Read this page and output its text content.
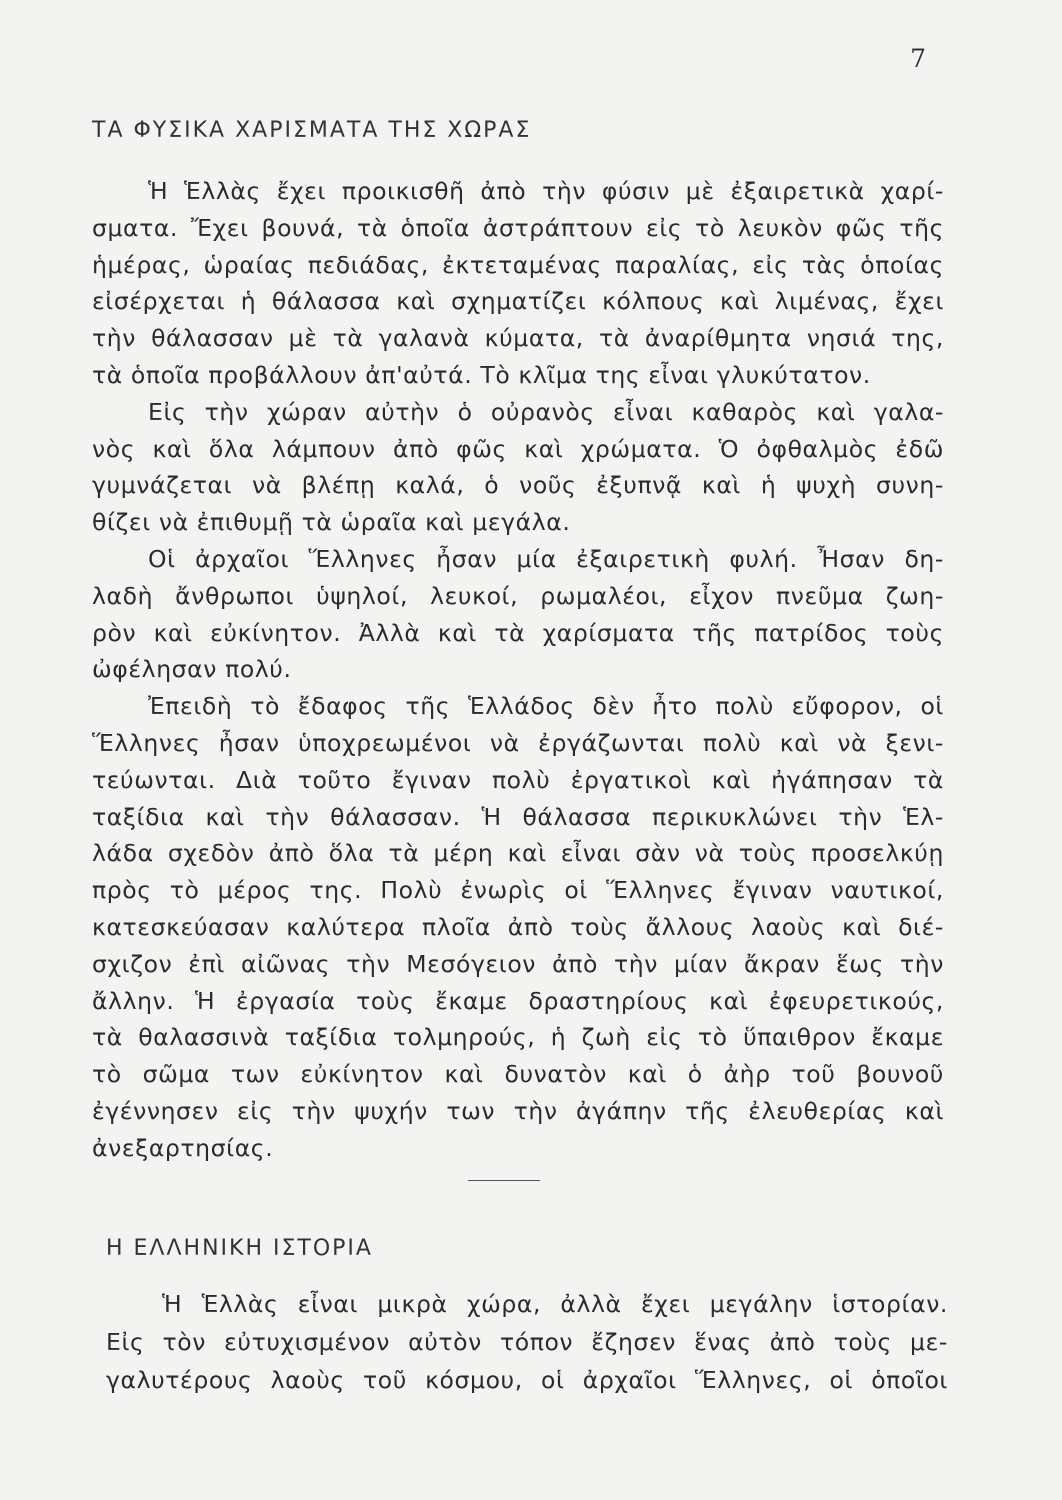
7
ΤΑ ΦΥΣΙΚΑ ΧΑΡΙΣΜΑΤΑ ΤΗΣ ΧΩΡΑΣ
Ἡ Ἑλλὰς ἔχει προικισθῆ ἀπὸ τὴν φύσιν μὲ ἐξαιρετικὰ χαρί-
σματα. Ἔχει βουνά, τὰ ὁποῖα ἀστράπτουν εἰς τὸ λευκὸν φῶς τῆς
ἡμέρας, ὡραίας πεδιάδας, ἐκτεταμένας παραλίας, εἰς τὰς ὁποίας
εἰσέρχεται ἡ θάλασσα καὶ σχηματίζει κόλπους καὶ λιμένας, ἔχει
τὴν θάλασσαν μὲ τὰ γαλανὰ κύματα, τὰ ἀναρίθμητα νησιά της,
τὰ ὁποῖα προβάλλουν ἀπ'αὐτά. Τὸ κλῖμα της εἶναι γλυκύτατον.
Εἰς τὴν χώραν αὐτὴν ὁ οὐρανὸς εἶναι καθαρὸς καὶ γαλα-
νὸς καὶ ὅλα λάμπουν ἀπὸ φῶς καὶ χρώματα. Ὁ ὀφθαλμὸς ἐδῶ
γυμνάζεται νὰ βλέπῃ καλά, ὁ νοῦς ἐξυπνᾷ καὶ ἡ ψυχὴ συνη-
θίζει νὰ ἐπιθυμῇ τὰ ὡραῖα καὶ μεγάλα.
Οἱ ἀρχαῖοι Ἕλληνες ἦσαν μία ἐξαιρετικὴ φυλή. Ἦσαν δη-
λαδὴ ἄνθρωποι ὑψηλοί, λευκοί, ρωμαλέοι, εἶχον πνεῦμα ζωη-
ρὸν καὶ εὐκίνητον. Ἀλλὰ καὶ τὰ χαρίσματα τῆς πατρίδος τοὺς
ὠφέλησαν πολύ.
Ἐπειδὴ τὸ ἔδαφος τῆς Ἑλλάδος δὲν ἦτο πολὺ εὔφορον, οἱ
Ἕλληνες ἦσαν ὑποχρεωμένοι νὰ ἐργάζωνται πολὺ καὶ νὰ ξενι-
τεύωνται. Διὰ τοῦτο ἔγιναν πολὺ ἐργατικοὶ καὶ ἠγάπησαν τὰ
ταξίδια καὶ τὴν θάλασσαν. Ἡ θάλασσα περικυκλώνει τὴν Ἑλ-
λάδα σχεδὸν ἀπὸ ὅλα τὰ μέρη καὶ εἶναι σὰν νὰ τοὺς προσελκύῃ
πρὸς τὸ μέρος της. Πολὺ ἐνωρὶς οἱ Ἕλληνες ἔγιναν ναυτικοί,
κατεσκεύασαν καλύτερα πλοῖα ἀπὸ τοὺς ἄλλους λαοὺς καὶ διέ-
σχιζον ἐπὶ αἰῶνας τὴν Μεσόγειον ἀπὸ τὴν μίαν ἄκραν ἕως τὴν
ἄλλην. Ἡ ἐργασία τοὺς ἔκαμε δραστηρίους καὶ ἐφευρετικούς,
τὰ θαλασσινὰ ταξίδια τολμηρούς, ἡ ζωὴ εἰς τὸ ὕπαιθρον ἔκαμε
τὸ σῶμα των εὐκίνητον καὶ δυνατὸν καὶ ὁ ἀὴρ τοῦ βουνοῦ
ἐγέννησεν εἰς τὴν ψυχήν των τὴν ἀγάπην τῆς ἐλευθερίας καὶ
ἀνεξαρτησίας.
Η ΕΛΛΗΝΙΚΗ ΙΣΤΟΡΙΑ
Ἡ Ἑλλὰς εἶναι μικρὰ χώρα, ἀλλὰ ἔχει μεγάλην ἱστορίαν.
Εἰς τὸν εὐτυχισμένον αὐτὸν τόπον ἔζησεν ἕνας ἀπὸ τοὺς με-
γαλυτέρους λαοὺς τοῦ κόσμου, οἱ ἀρχαῖοι Ἕλληνες, οἱ ὁποῖοι
